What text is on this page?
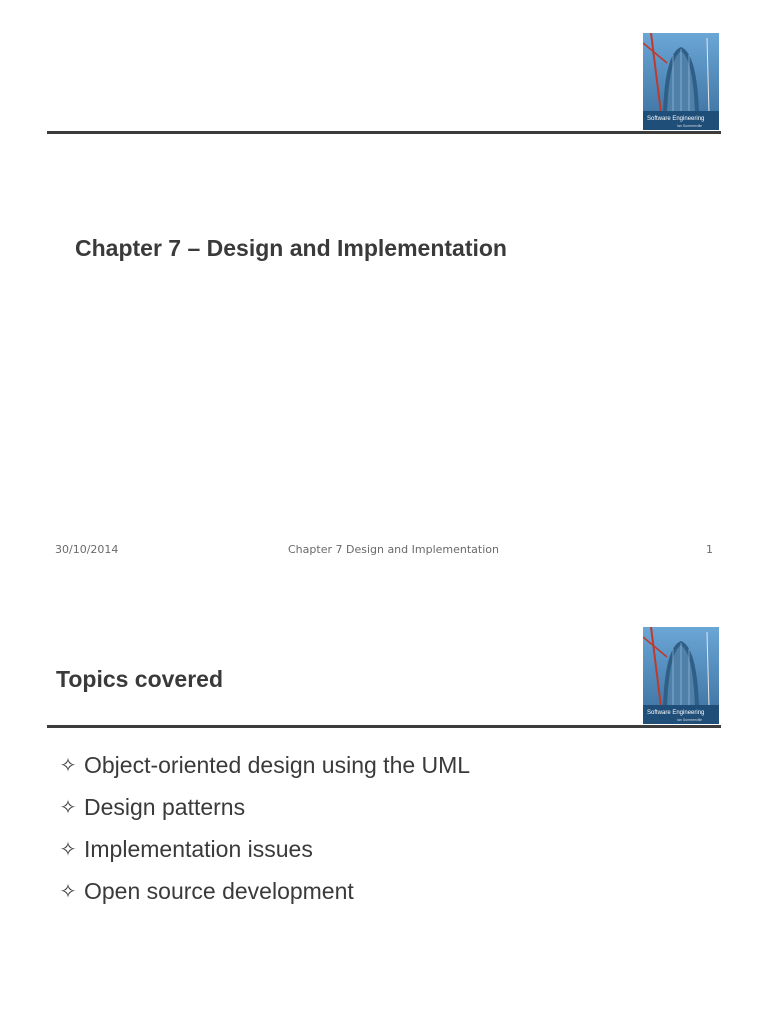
Software Engineering
Ian Sommerville
Chapter 7 – Design and Implementation
30/10/2014	Chapter 7 Design and Implementation	1
Topics covered
Software Engineering
Ian Sommerville
✧ Object-oriented design using the UML
✧ Design patterns
✧ Implementation issues
✧ Open source development
